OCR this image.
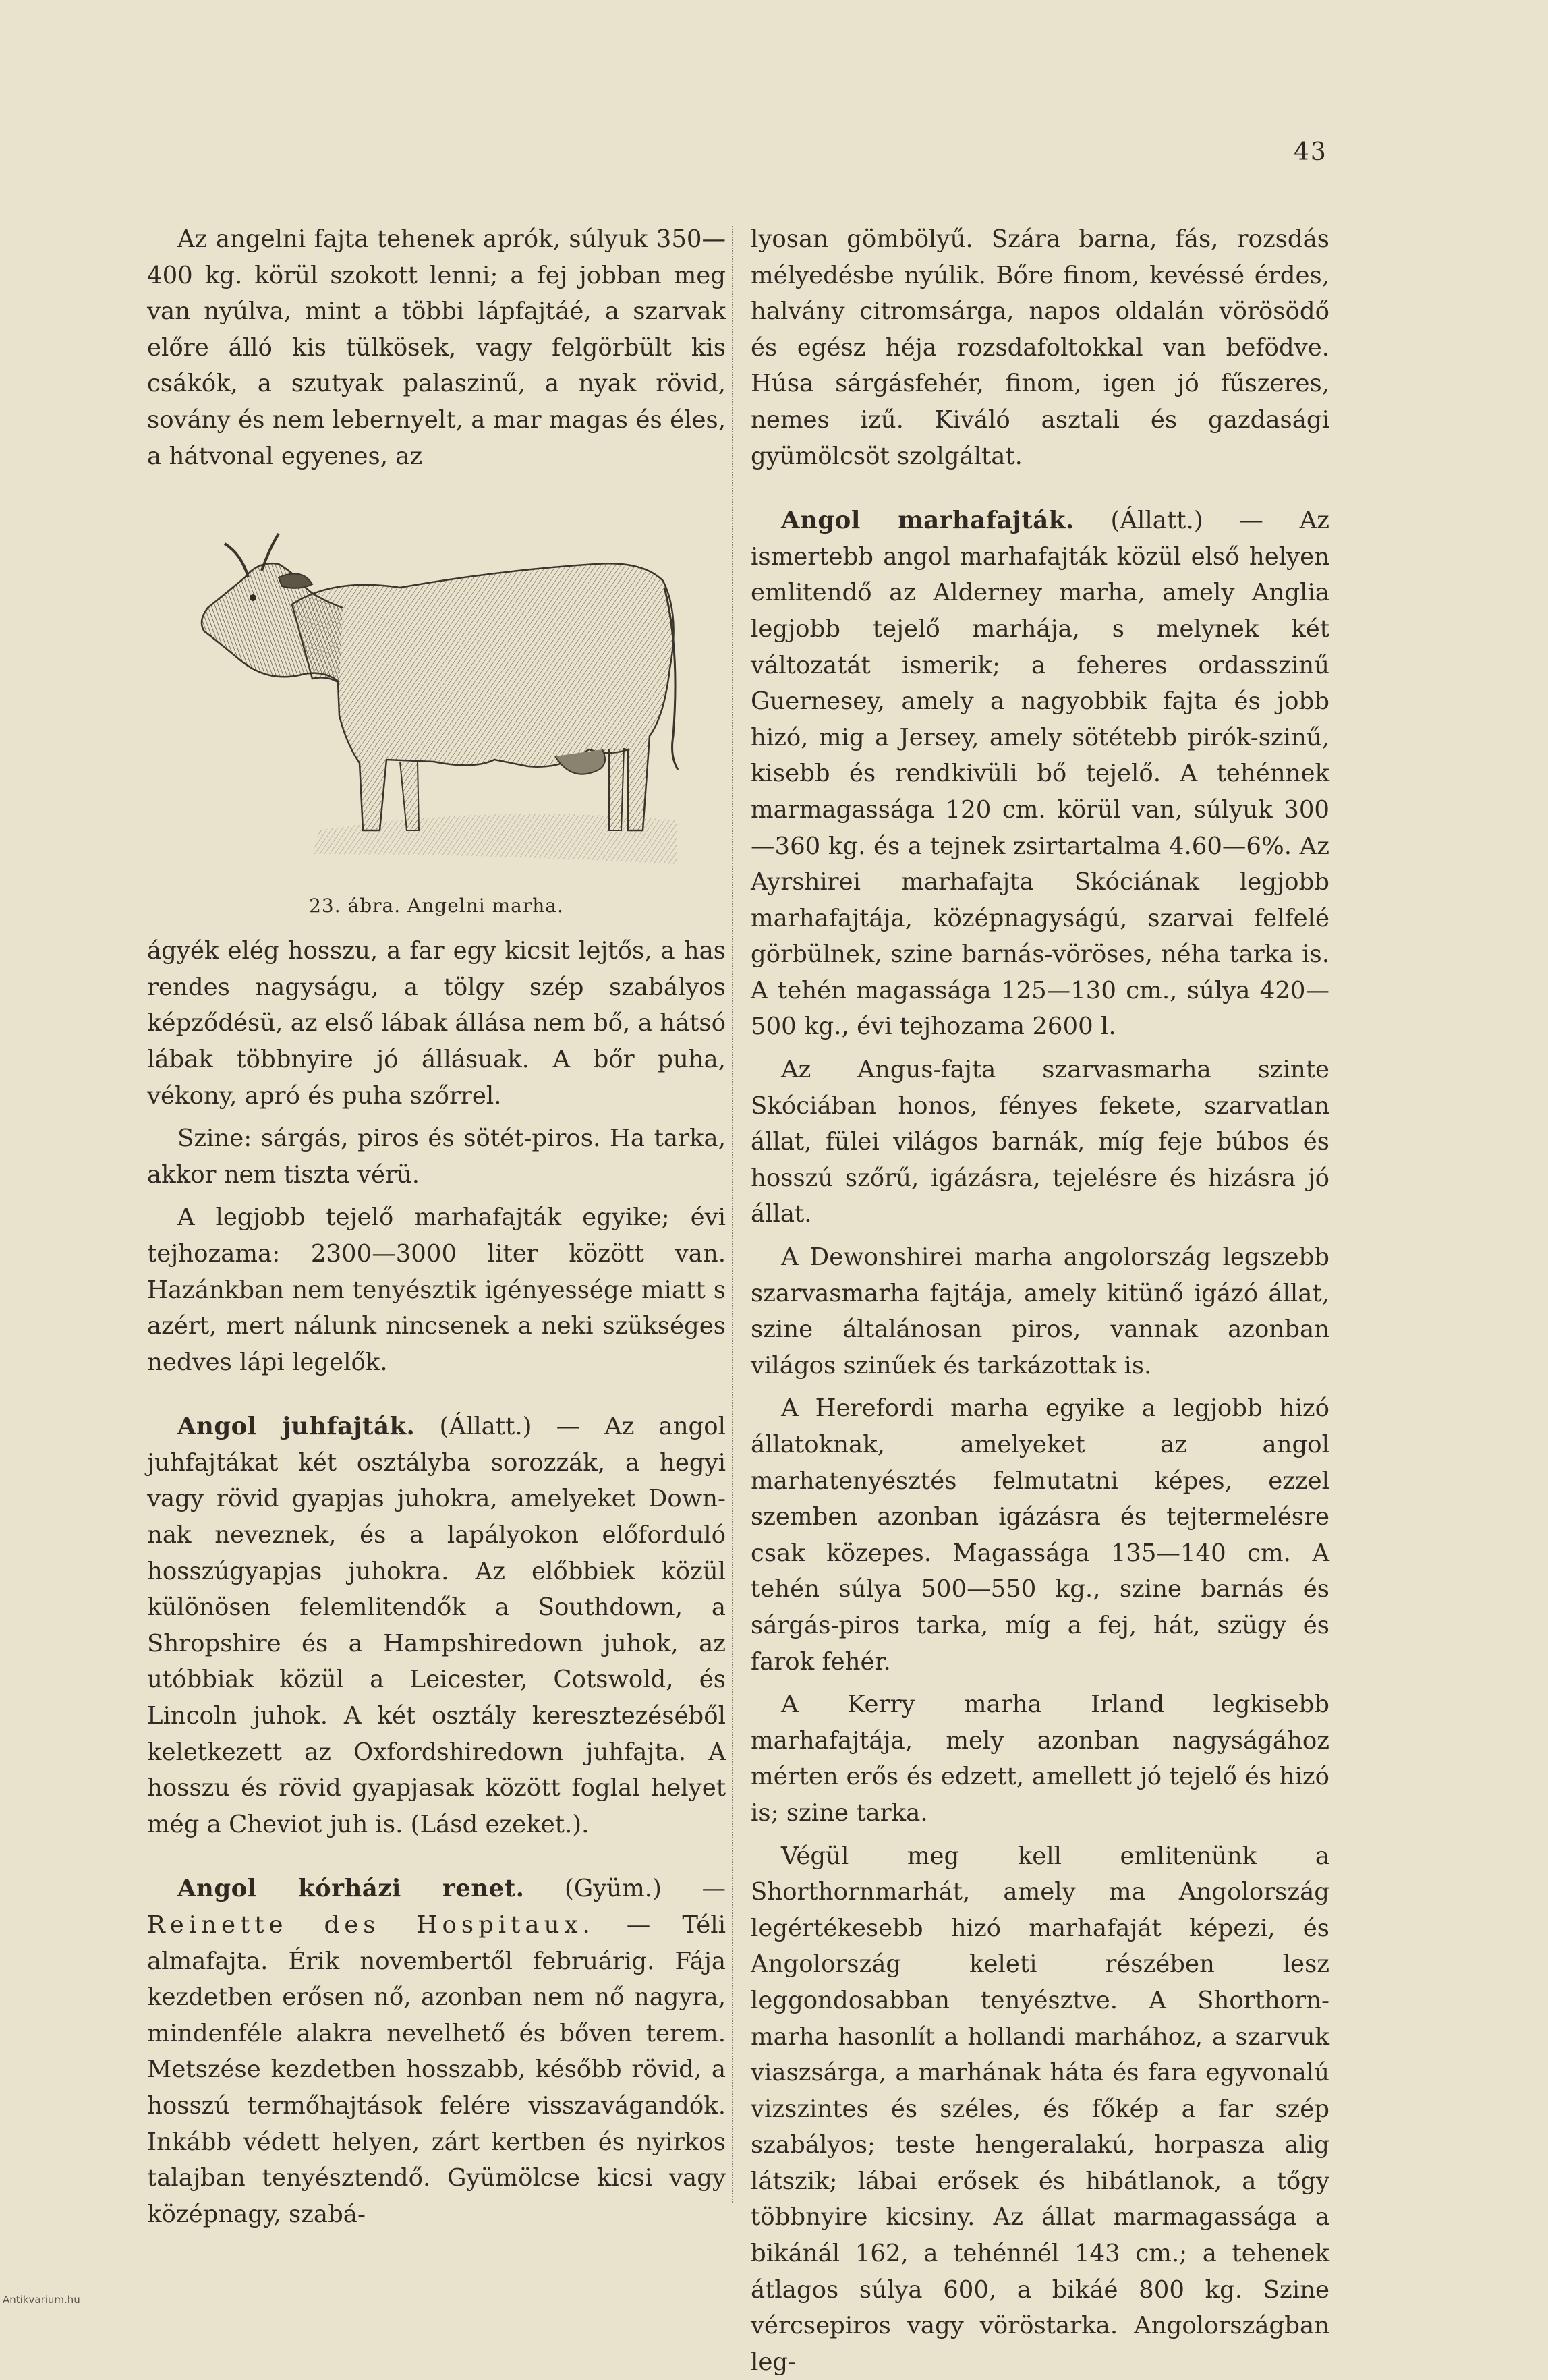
43

Az angelni fajta tehenek aprók, súlyuk 350—400 kg. körül szokott lenni; a fej jobban meg van nyúlva, mint a többi lápfajtáé, a szarvak előre álló kis tülkösek, vagy felgörbült kis csákók, a szutyak palaszinű, a nyak rövid, sovány és nem lebernyelt, a mar magas és éles, a hátvonal egyenes, az

23. ábra. Angelni marha.

ágyék elég hosszu, a far egy kicsit lejtős, a has rendes nagyságu, a tölgy szép szabályos képződésü, az első lábak állása nem bő, a hátsó lábak többnyire jó állásuak. A bőr puha, vékony, apró és puha szőrrel.

Szine: sárgás, piros és sötét-piros. Ha tarka, akkor nem tiszta vérü.

A legjobb tejelő marhafajták egyike; évi tejhozama: 2300—3000 liter között van. Hazánkban nem tenyésztik igényessége miatt s azért, mert nálunk nincsenek a neki szükséges nedves lápi legelők.

Angol juhfajták. (Állatt.) — Az angol juhfajtákat két osztályba sorozzák, a hegyi vagy rövid gyapjas juhokra, amelyeket Down-nak neveznek, és a lapályokon előforduló hosszúgyapjas juhokra. Az előbbiek közül különösen felemlitendők a Southdown, a Shropshire és a Hampshiredown juhok, az utóbbiak közül a Leicester, Cotswold, és Lincoln juhok. A két osztály keresztezéséből keletkezett az Oxfordshiredown juhfajta. A hosszu és rövid gyapjasak között foglal helyet még a Cheviot juh is. (Lásd ezeket.).

Angol kórházi renet. (Gyüm.) — Reinette des Hospitaux. — Téli almafajta. Érik novembertől februárig. Fája kezdetben erősen nő, azonban nem nő nagyra, mindenféle alakra nevelhető és bőven terem. Metszése kezdetben hosszabb, később rövid, a hosszú termőhajtások felére visszavágandók. Inkább védett helyen, zárt kertben és nyirkos talajban tenyésztendő. Gyümölcse kicsi vagy középnagy, szabá-

lyosan gömbölyű. Szára barna, fás, rozsdás mélyedésbe nyúlik. Bőre finom, kevéssé érdes, halvány citromsárga, napos oldalán vörösödő és egész héja rozsdafoltokkal van befödve. Húsa sárgásfehér, finom, igen jó fűszeres, nemes izű. Kiváló asztali és gazdasági gyümölcsöt szolgáltat.

Angol marhafajták. (Állatt.) — Az ismertebb angol marhafajták közül első helyen emlitendő az Alderney marha, amely Anglia legjobb tejelő marhája, s melynek két változatát ismerik; a feheres ordasszinű Guernesey, amely a nagyobbik fajta és jobb hizó, mig a Jersey, amely sötétebb pirók-szinű, kisebb és rendkivüli bő tejelő. A tehénnek marmagassága 120 cm. körül van, súlyuk 300—360 kg. és a tejnek zsirtartalma 4.60—6%. Az Ayrshirei marhafajta Skóciának legjobb marhafajtája, középnagyságú, szarvai felfelé görbülnek, szine barnás-vöröses, néha tarka is. A tehén magassága 125—130 cm., súlya 420—500 kg., évi tejhozama 2600 l.

Az Angus-fajta szarvasmarha szinte Skóciában honos, fényes fekete, szarvatlan állat, fülei világos barnák, míg feje búbos és hosszú szőrű, igázásra, tejelésre és hizásra jó állat.

A Dewonshirei marha angolország legszebb szarvasmarha fajtája, amely kitünő igázó állat, szine általánosan piros, vannak azonban világos szinűek és tarkázottak is.

A Herefordi marha egyike a legjobb hizó állatoknak, amelyeket az angol marhatenyésztés felmutatni képes, ezzel szemben azonban igázásra és tejtermelésre csak közepes. Magassága 135—140 cm. A tehén súlya 500—550 kg., szine barnás és sárgás-piros tarka, míg a fej, hát, szügy és farok fehér.

A Kerry marha Irland legkisebb marhafajtája, mely azonban nagyságához mérten erős és edzett, amellett jó tejelő és hizó is; szine tarka.

Végül meg kell emlitenünk a Shorthornmarhát, amely ma Angolország legértékesebb hizó marhafaját képezi, és Angolország keleti részében lesz leggondosabban tenyésztve. A Shorthorn-marha hasonlít a hollandi marhához, a szarvuk viaszsárga, a marhának háta és fara egyvonalú vizszintes és széles, és főkép a far szép szabályos; teste hengeralakú, horpasza alig látszik; lábai erősek és hibátlanok, a tőgy többnyire kicsiny. Az állat marmagassága a bikánál 162, a tehénnél 143 cm.; a tehenek átlagos súlya 600, a bikáé 800 kg. Szine vércsepiros vagy vöröstarka. Angolországban leg-

Antikvarium.hu
